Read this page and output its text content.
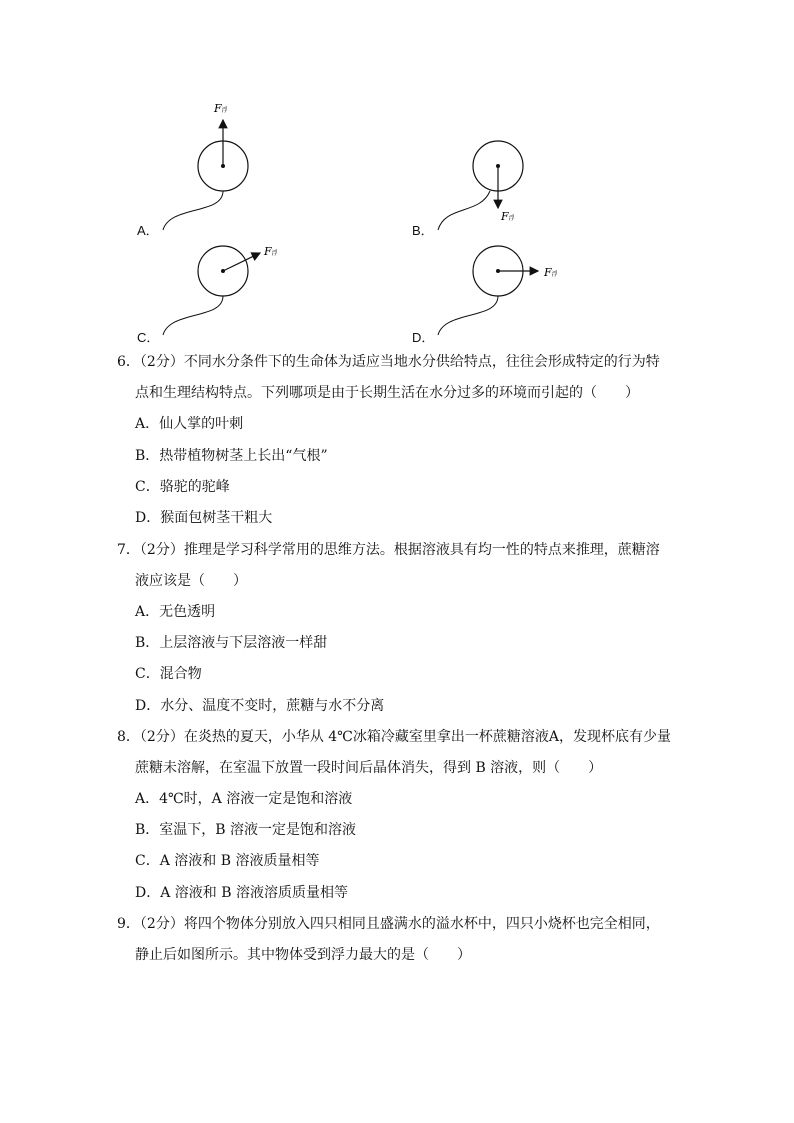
F浮
F浮
F浮
F浮
A．	B．
C．	D．
6．（2分）不同水分条件下的生命体为适应当地水分供给特点，往往会形成特定的行为特
点和生理结构特点。下列哪项是由于长期生活在水分过多的环境而引起的（　　）
A．仙人掌的叶刺
B．热带植物树茎上长出“气根”
C．骆驼的驼峰
D．猴面包树茎干粗大
7．（2分）推理是学习科学常用的思维方法。根据溶液具有均一性的特点来推理，蔗糖溶
液应该是（　　）
A．无色透明
B．上层溶液与下层溶液一样甜
C．混合物
D．水分、温度不变时，蔗糖与水不分离
8．（2分）在炎热的夏天，小华从 4℃冰箱冷藏室里拿出一杯蔗糖溶液A，发现杯底有少量
蔗糖未溶解，在室温下放置一段时间后晶体消失，得到 B 溶液，则（　　）
A．4℃时，A 溶液一定是饱和溶液
B．室温下，B 溶液一定是饱和溶液
C．A 溶液和 B 溶液质量相等
D．A 溶液和 B 溶液溶质质量相等
9．（2分）将四个物体分别放入四只相同且盛满水的溢水杯中，四只小烧杯也完全相同，
静止后如图所示。其中物体受到浮力最大的是（　　）
